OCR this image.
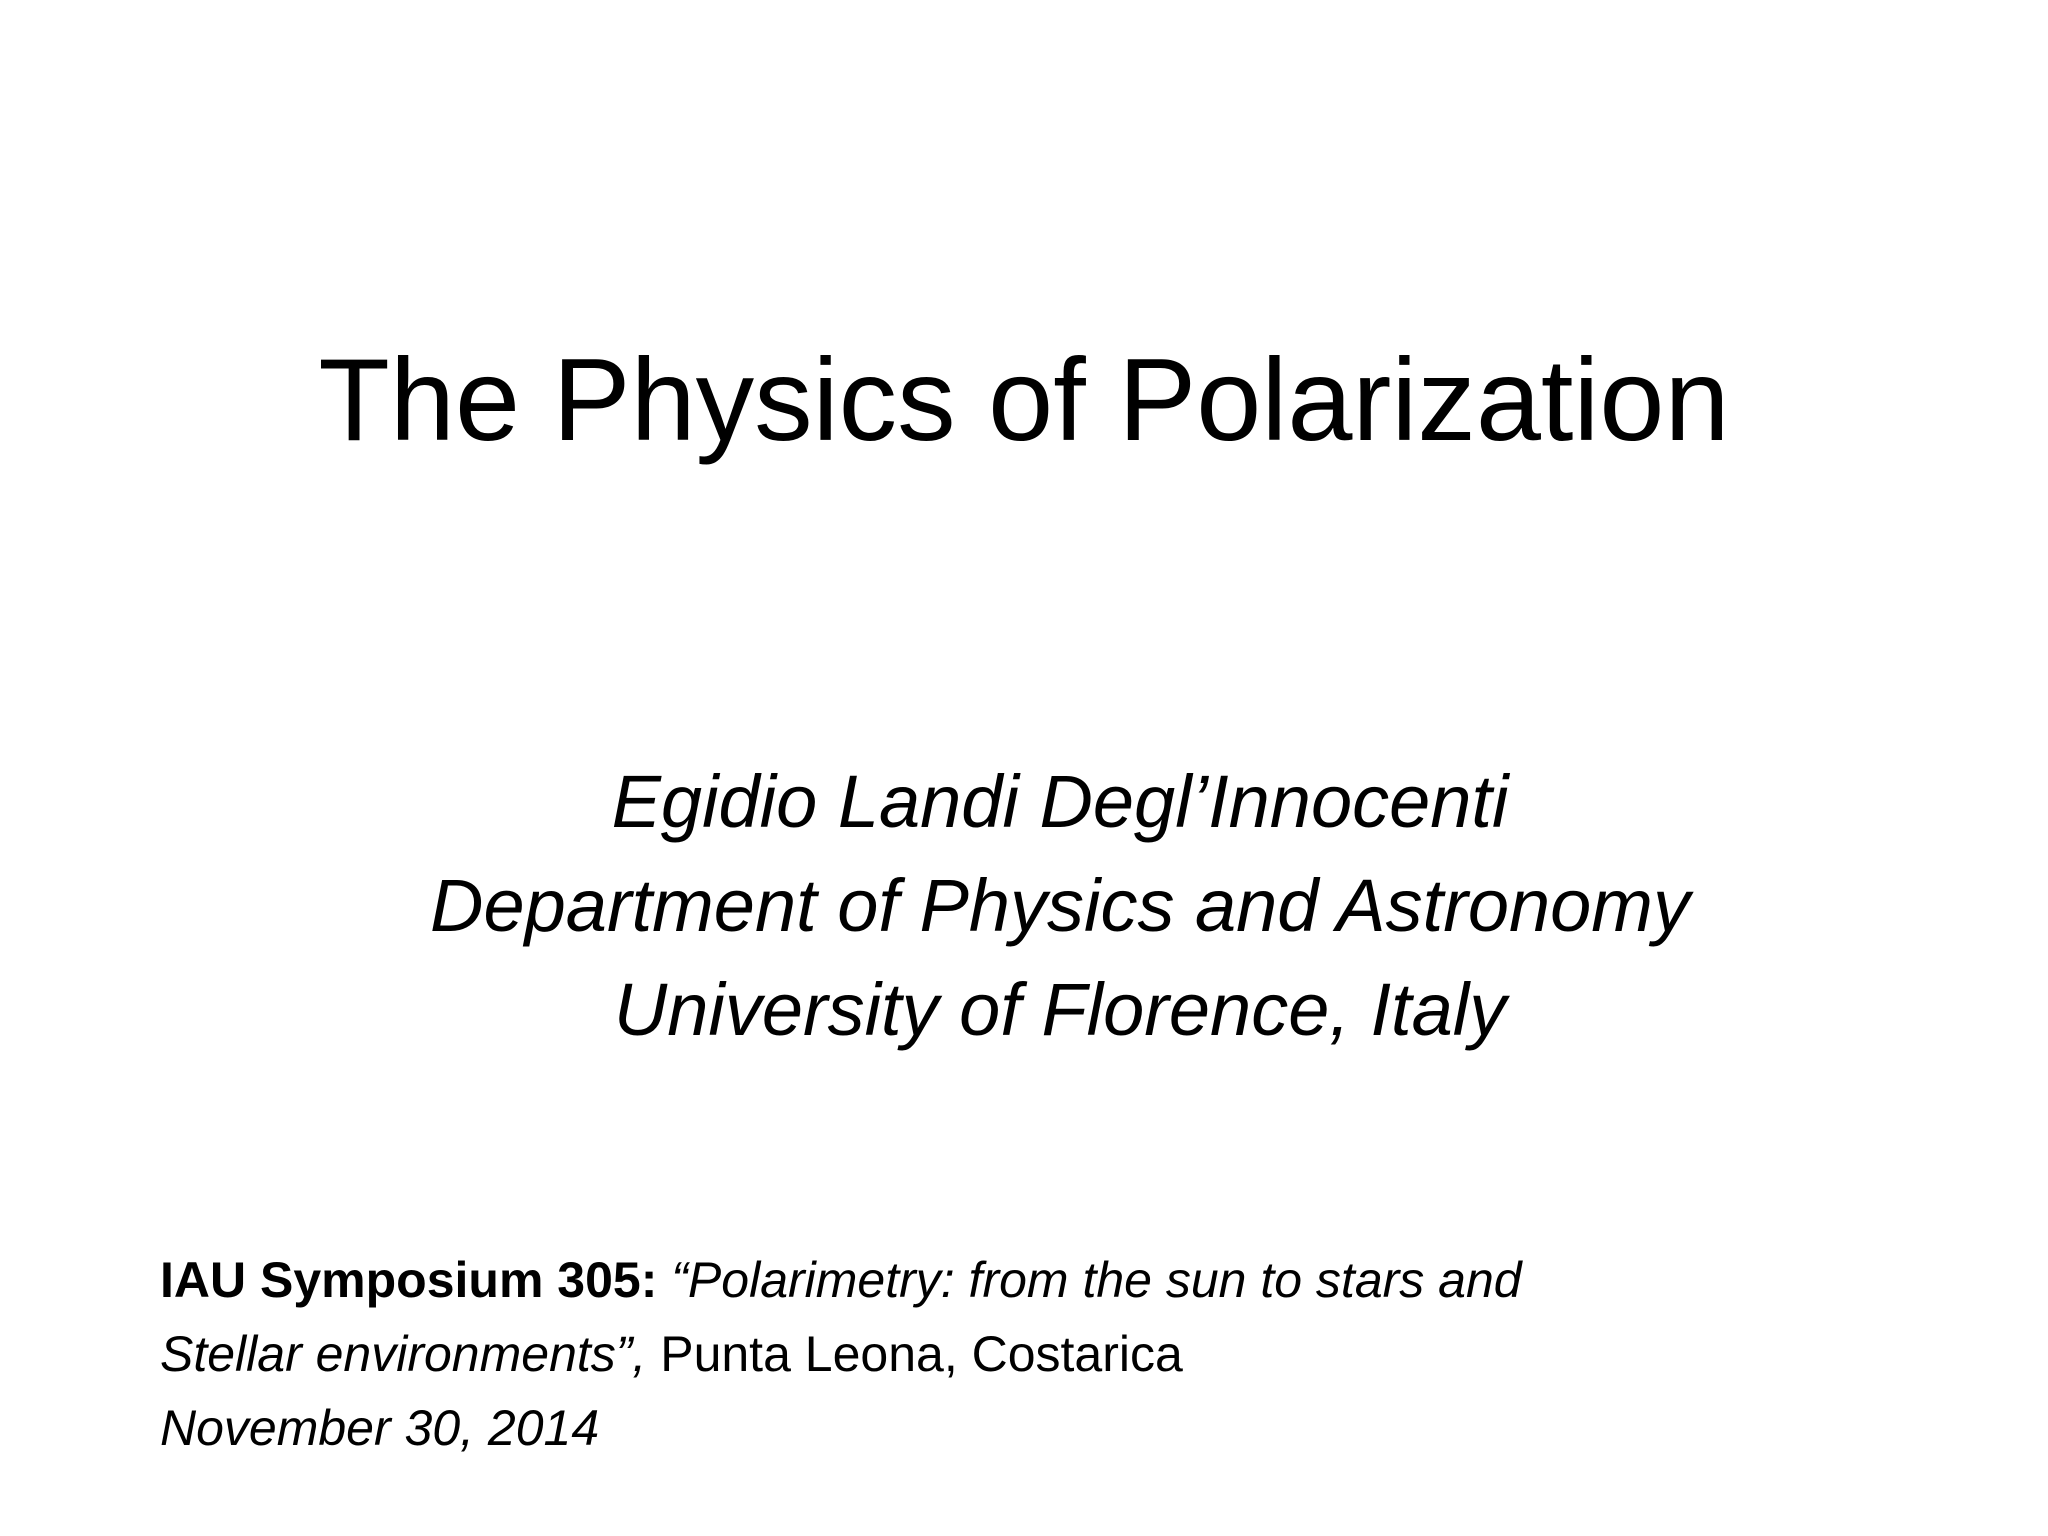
The Physics of Polarization
Egidio Landi Degl’Innocenti
Department of Physics and Astronomy
University of Florence, Italy
IAU Symposium 305: “Polarimetry: from the sun to stars and
Stellar environments”, Punta Leona, Costarica
November 30, 2014
